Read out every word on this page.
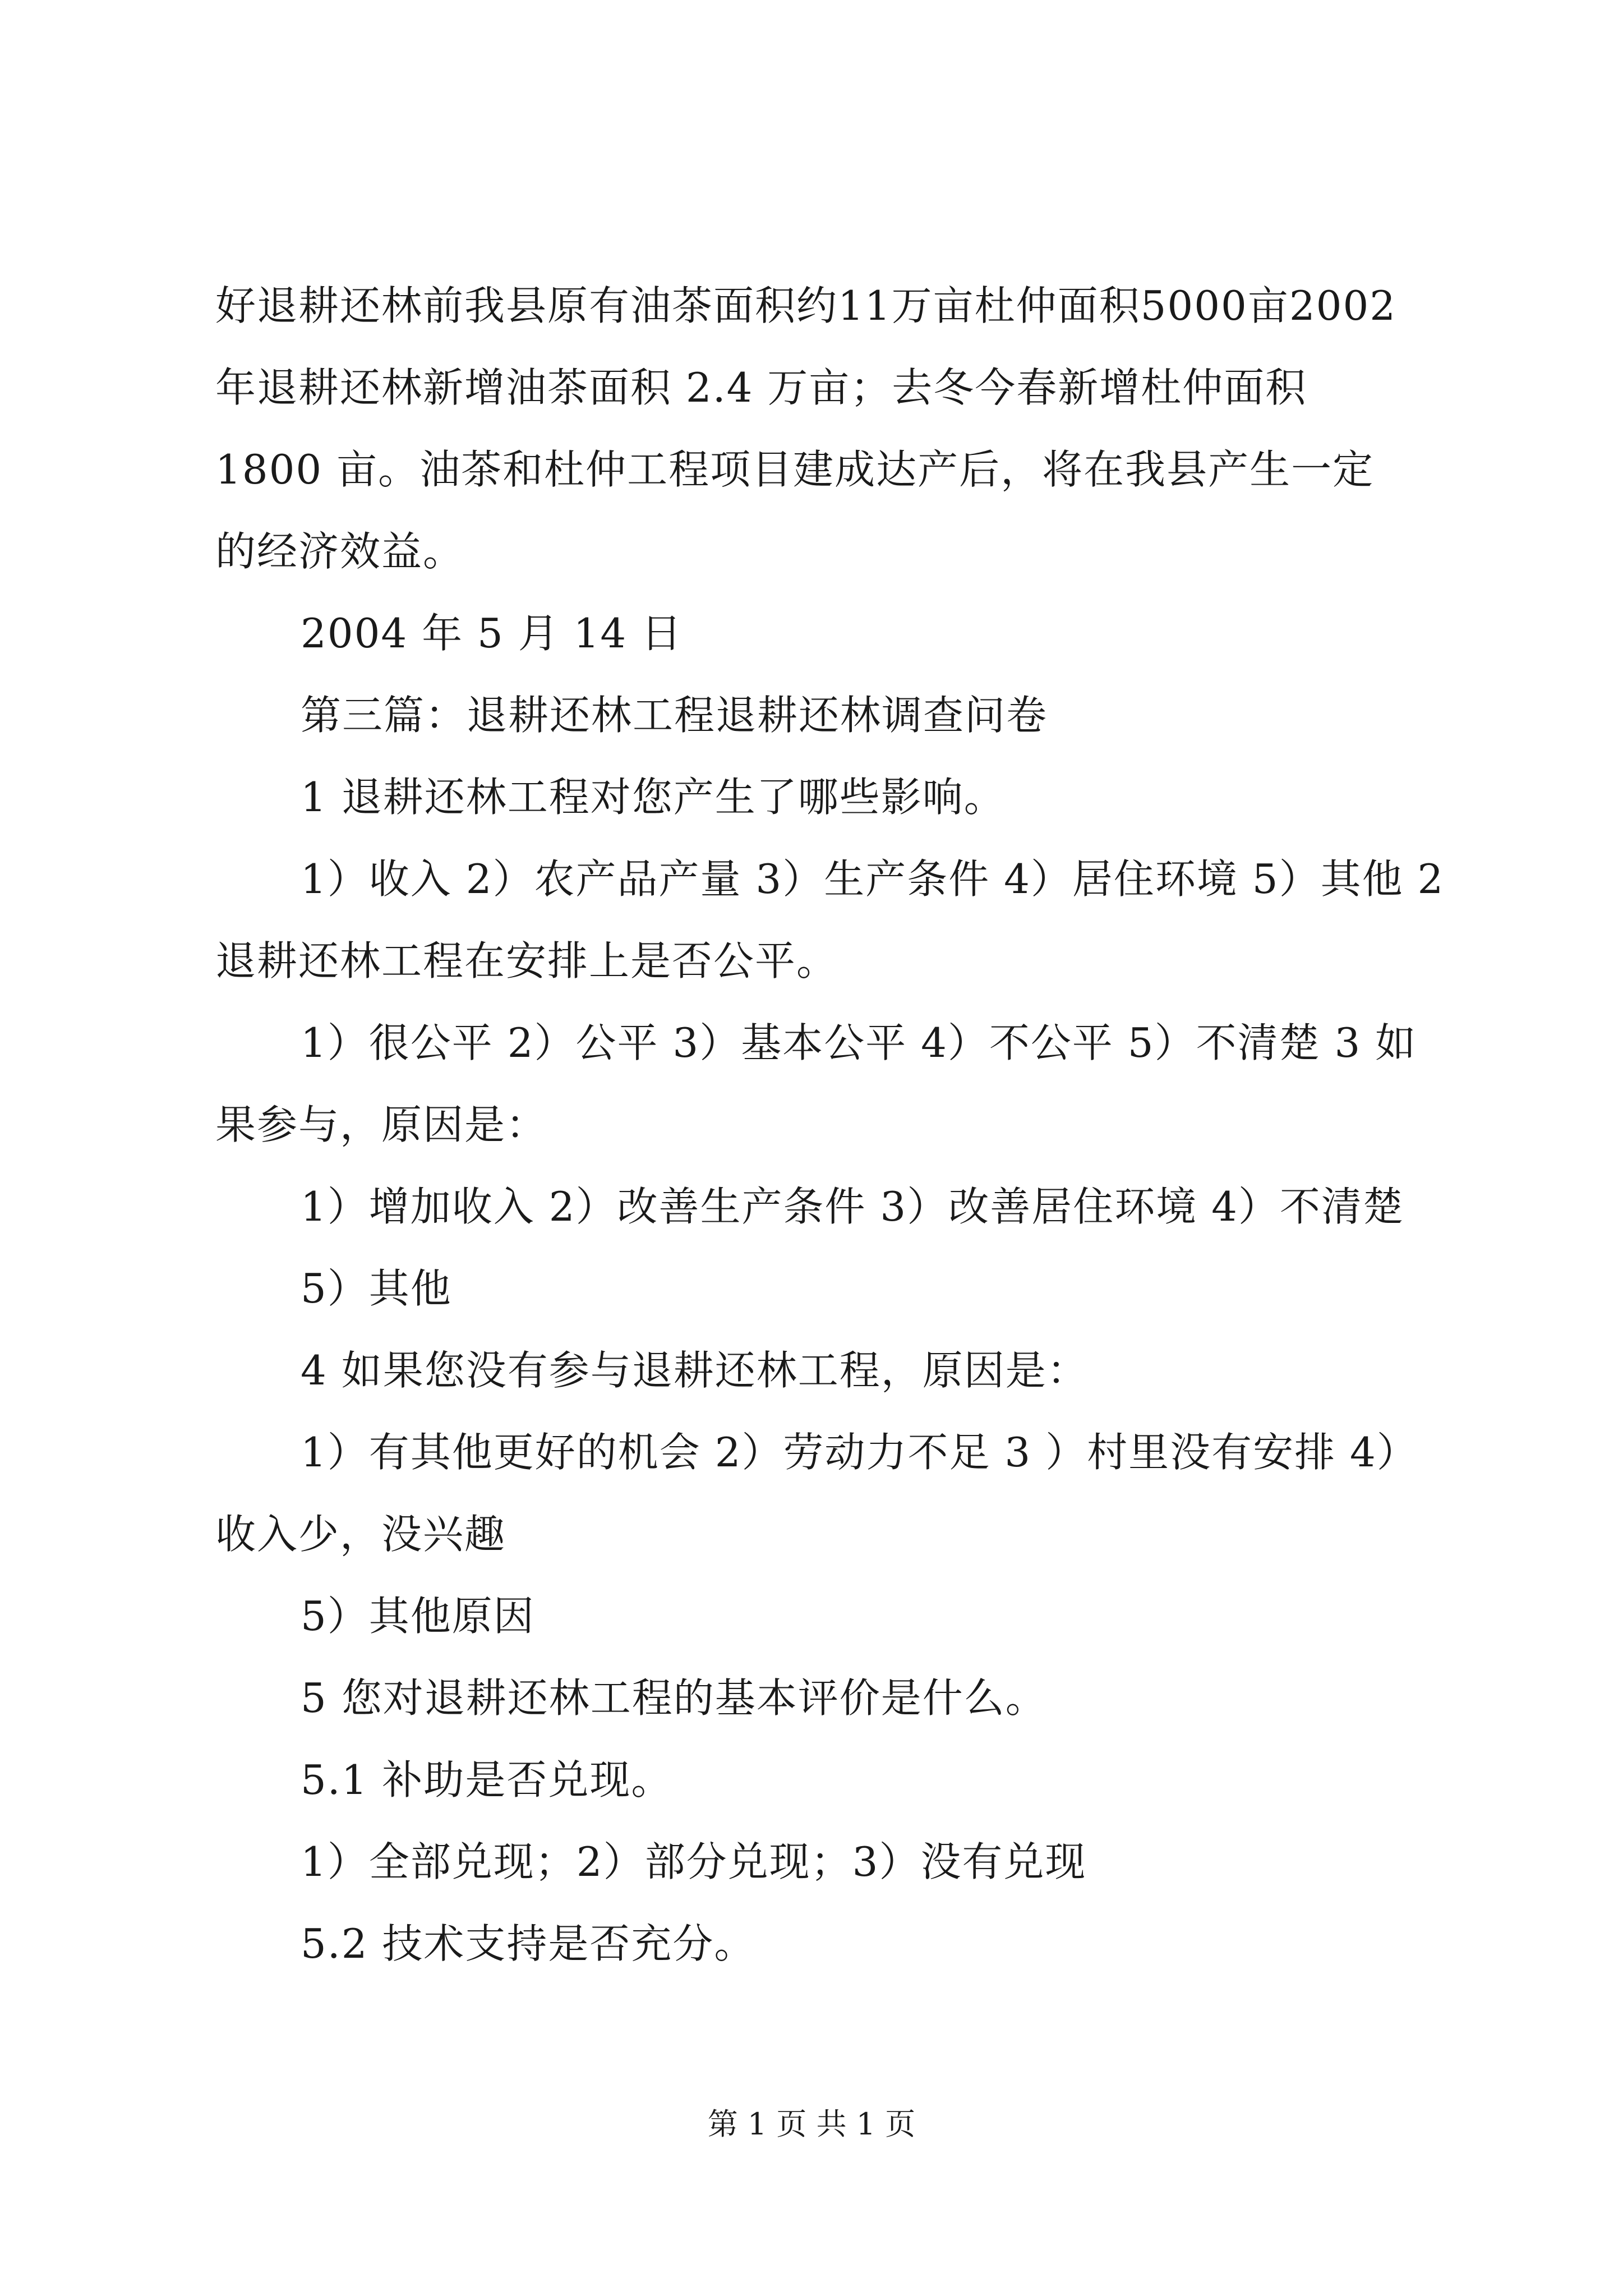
好退耕还林前我县原有油茶面积约11万亩杜仲面积5000亩2002

年退耕还林新增油茶面积 2.4 万亩；去冬今春新增杜仲面积

1800 亩。油茶和杜仲工程项目建成达产后，将在我县产生一定

的经济效益。

2004 年 5 月 14 日

第三篇：退耕还林工程退耕还林调查问卷

1 退耕还林工程对您产生了哪些影响。

1）收入 2）农产品产量 3）生产条件 4）居住环境 5）其他 2

退耕还林工程在安排上是否公平。

1）很公平 2）公平 3）基本公平 4）不公平 5）不清楚 3 如

果参与，原因是：

1）增加收入 2）改善生产条件 3）改善居住环境 4）不清楚

5）其他

4 如果您没有参与退耕还林工程，原因是：

1）有其他更好的机会 2）劳动力不足 3 ）村里没有安排 4）

收入少，没兴趣

5）其他原因

5 您对退耕还林工程的基本评价是什么。

5.1 补助是否兑现。

1）全部兑现；2）部分兑现；3）没有兑现

5.2 技术支持是否充分。

第 1 页 共 1 页
